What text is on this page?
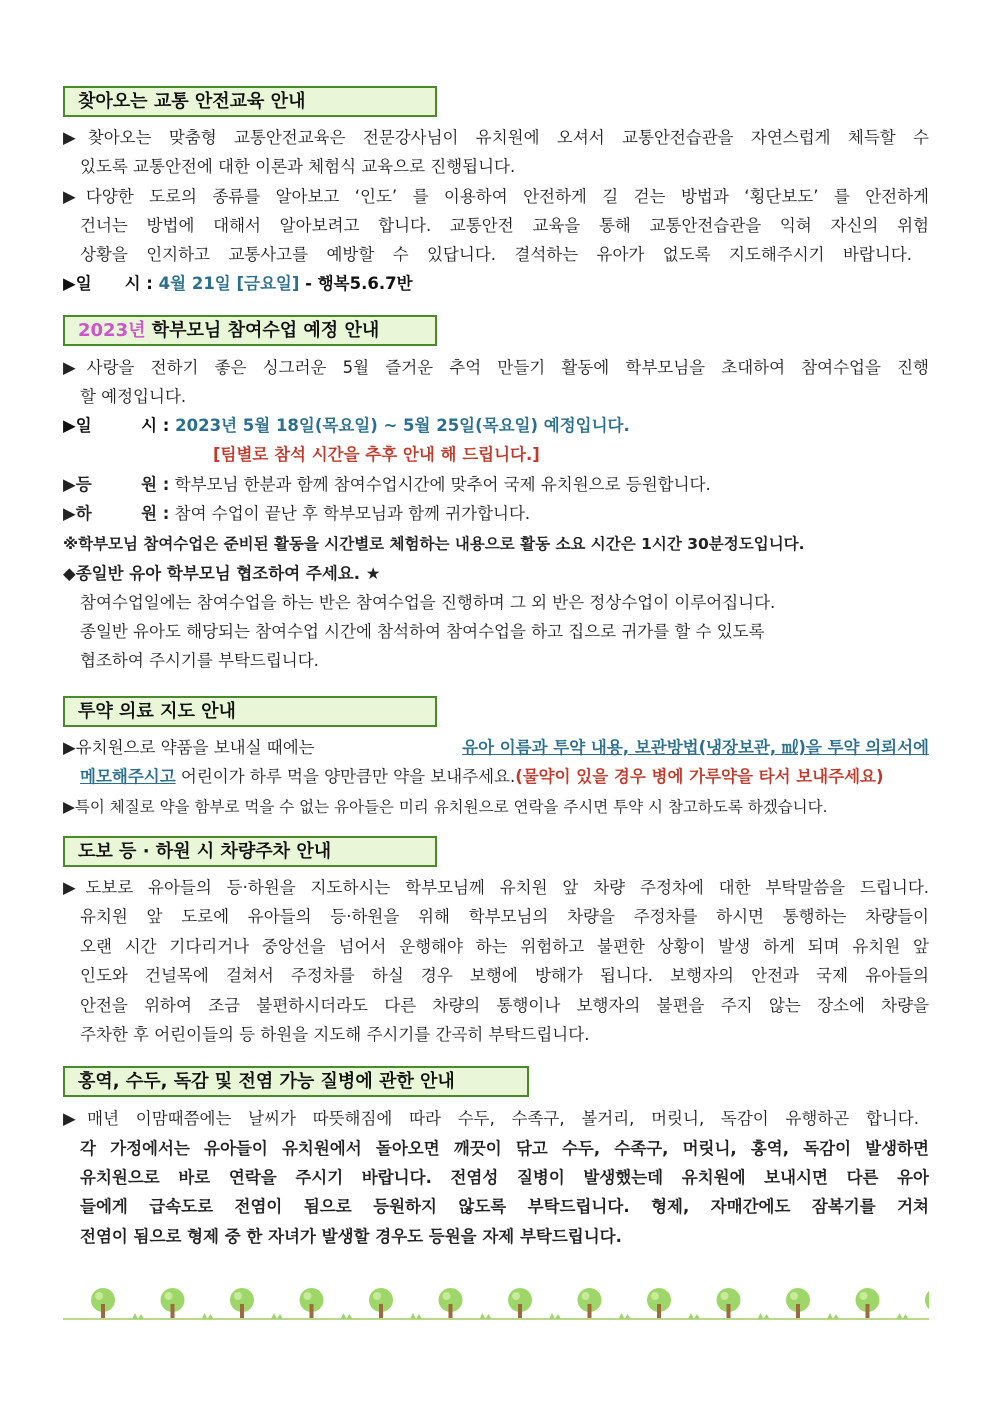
찾아오는 교통 안전교육 안내
▶찾아오는 맞춤형 교통안전교육은 전문강사님이 유치원에 오셔서 교통안전습관을 자연스럽게 체득할 수
있도록 교통안전에 대한 이론과 체험식 교육으로 진행됩니다.
▶다양한 도로의 종류를 알아보고 ‘인도’ 를 이용하여 안전하게 길 걷는 방법과 ‘횡단보도’ 를 안전하게
건너는 방법에 대해서 알아보려고 합니다. 교통안전 교육을 통해 교통안전습관을 익혀 자신의 위험
상황을 인지하고 교통사고를 예방할 수 있답니다. 결석하는 유아가 없도록 지도해주시기 바랍니다.
▶일　　시 : 4월 21일 [금요일] - 행복5.6.7반
2023년 학부모님 참여수업 예정 안내
▶사랑을 전하기 좋은 싱그러운 5월 즐거운 추억 만들기 활동에 학부모님을 초대하여 참여수업을 진행
할 예정입니다.
▶일　　　시 : 2023년 5월 18일(목요일) ~ 5월 25일(목요일) 예정입니다.
[팀별로 참석 시간을 추후 안내 해 드립니다.]
▶등　　　원 : 학부모님 한분과 함께 참여수업시간에 맞추어 국제 유치원으로 등원합니다.
▶하　　　원 : 참여 수업이 끝난 후 학부모님과 함께 귀가합니다.
※학부모님 참여수업은 준비된 활동을 시간별로 체험하는 내용으로 활동 소요 시간은 1시간 30분정도입니다.
◆종일반 유아 학부모님 협조하여 주세요. ★
참여수업일에는 참여수업을 하는 반은 참여수업을 진행하며 그 외 반은 정상수업이 이루어집니다.
종일반 유아도 해당되는 참여수업 시간에 참석하여 참여수업을 하고 집으로 귀가를 할 수 있도록
협조하여 주시기를 부탁드립니다.
투약 의료 지도 안내
▶유치원으로 약품을 보내실 때에는	유아 이름과 투약 내용, 보관방법(냉장보관, ㎖)을 투약 의뢰서에
메모해주시고 어린이가 하루 먹을 양만큼만 약을 보내주세요.(물약이 있을 경우 병에 가루약을 타서 보내주세요)
▶특이 체질로 약을 함부로 먹을 수 없는 유아들은 미리 유치원으로 연락을 주시면 투약 시 참고하도록 하겠습니다.
도보 등 · 하원 시 차량주차 안내
▶도보로 유아들의 등·하원을 지도하시는 학부모님께 유치원 앞 차량 주정차에 대한 부탁말씀을 드립니다.
유치원 앞 도로에 유아들의 등·하원을 위해 학부모님의 차량을 주정차를 하시면 통행하는 차량들이
오랜 시간 기다리거나 중앙선을 넘어서 운행해야 하는 위험하고 불편한 상황이 발생 하게 되며 유치원 앞
인도와 건널목에 걸쳐서 주정차를 하실 경우 보행에 방해가 됩니다. 보행자의 안전과 국제 유아들의
안전을 위하여 조금 불편하시더라도 다른 차량의 통행이나 보행자의 불편을 주지 않는 장소에 차량을
주차한 후 어린이들의 등 하원을 지도해 주시기를 간곡히 부탁드립니다.
홍역, 수두, 독감 및 전염 가능 질병에 관한 안내
▶매년 이맘때쯤에는 날씨가 따뜻해짐에 따라 수두, 수족구, 볼거리, 머릿니, 독감이 유행하곤 합니다.
각 가정에서는 유아들이 유치원에서 돌아오면 깨끗이 닦고 수두, 수족구, 머릿니, 홍역, 독감이 발생하면
유치원으로 바로 연락을 주시기 바랍니다. 전염성 질병이 발생했는데 유치원에 보내시면 다른 유아
들에게 급속도로 전염이 됨으로 등원하지 않도록 부탁드립니다. 형제, 자매간에도 잠복기를 거쳐
전염이 됨으로 형제 중 한 자녀가 발생할 경우도 등원을 자제 부탁드립니다.
